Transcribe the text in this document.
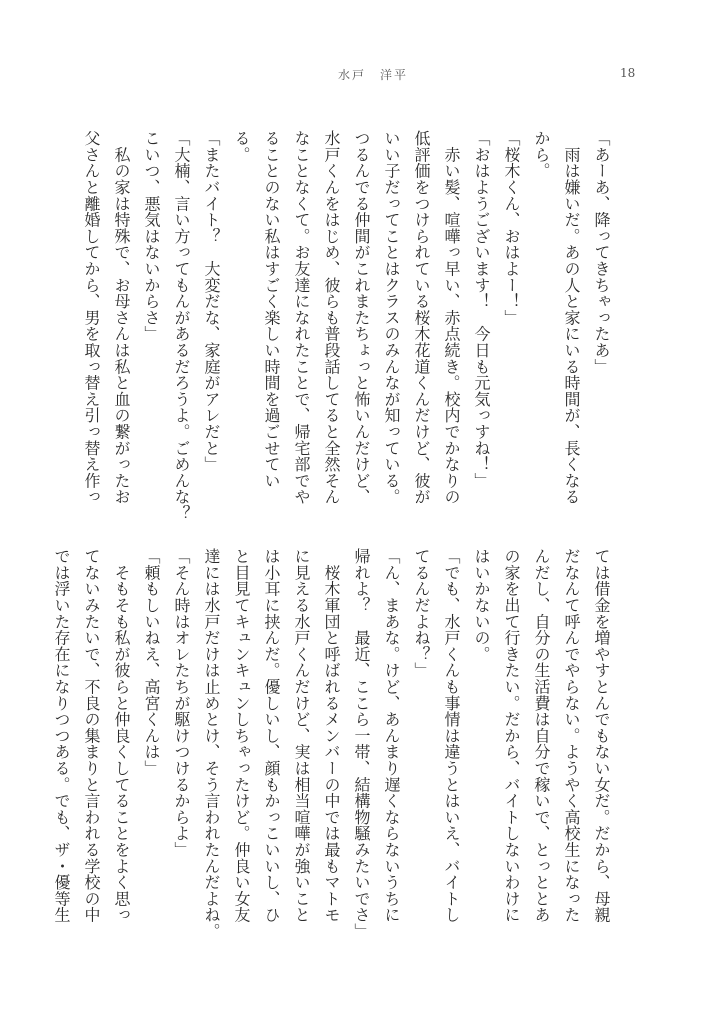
水戸　洋平	18
「あーあ、降ってきちゃったあ」
　雨は嫌いだ。あの人と家にいる時間が、長くなる
から。
「桜木くん、おはよー！」
「おはようございます！　今日も元気っすね！」
　赤い髪、喧嘩っ早い、赤点続き。校内でかなりの
低評価をつけられている桜木花道くんだけど、彼が
いい子だってことはクラスのみんなが知っている。
つるんでる仲間がこれまたちょっと怖いんだけど、
水戸くんをはじめ、彼らも普段話してると全然そん
なことなくて。お友達になれたことで、帰宅部でや
ることのない私はすごく楽しい時間を過ごせてい
る。
「またバイト？　大変だな、家庭がアレだと」
「大楠、言い方ってもんがあるだろうよ。ごめんな？
こいつ、悪気はないからさ」
　私の家は特殊で、お母さんは私と血の繋がったお
父さんと離婚してから、男を取っ替え引っ替え作っ
ては借金を増やすとんでもない女だ。だから、母親
だなんて呼んでやらない。ようやく高校生になった
んだし、自分の生活費は自分で稼いで、とっととあ
の家を出て行きたい。だから、バイトしないわけに
はいかないの。
「でも、水戸くんも事情は違うとはいえ、バイトし
てるんだよね？」
「ん、まあな。けど、あんまり遅くならないうちに
帰れよ？　最近、ここら一帯、結構物騒みたいでさ」
　桜木軍団と呼ばれるメンバーの中では最もマトモ
に見える水戸くんだけど、実は相当喧嘩が強いこと
は小耳に挟んだ。優しいし、顔もかっこいいし、ひ
と目見てキュンキュンしちゃったけど。仲良い女友
達には水戸だけは止めとけ、そう言われたんだよね。
「そん時はオレたちが駆けつけるからよ」
「頼もしいねえ、高宮くんは」
　そもそも私が彼らと仲良くしてることをよく思っ
てないみたいで、不良の集まりと言われる学校の中
では浮いた存在になりつつある。でも、ザ・優等生
